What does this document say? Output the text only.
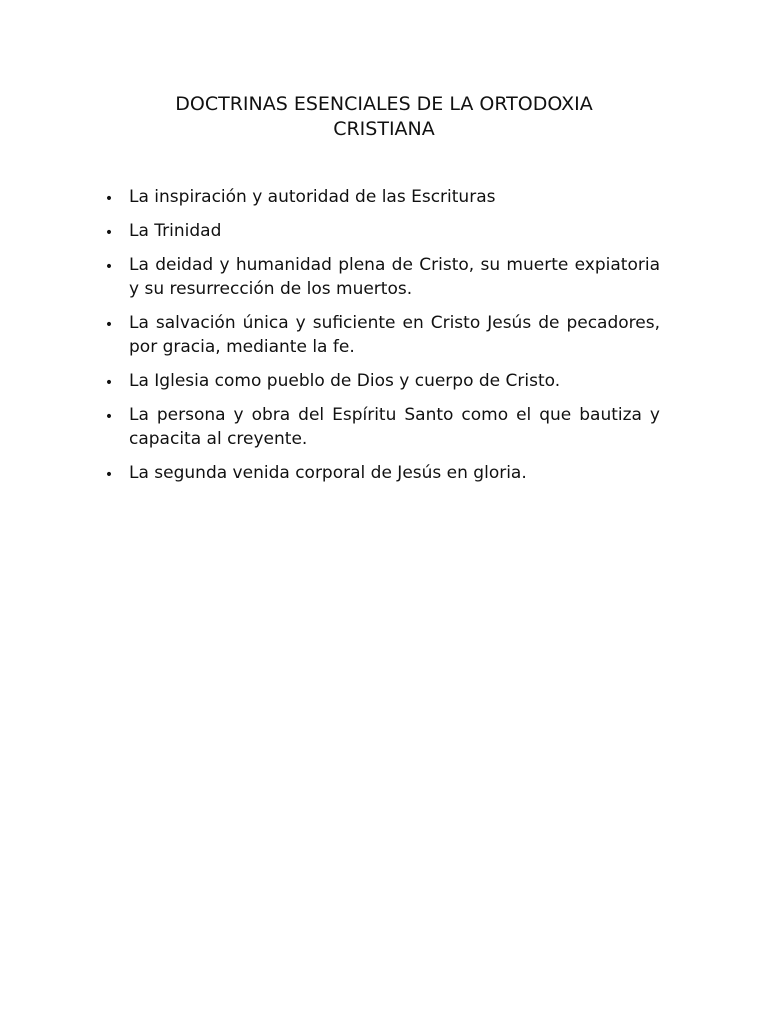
DOCTRINAS ESENCIALES DE LA ORTODOXIA
CRISTIANA
• La inspiración y autoridad de las Escrituras
• La Trinidad
• La deidad y humanidad plena de Cristo, su muerte expiatoria y su resurrección de los muertos.
• La salvación única y suficiente en Cristo Jesús de pecadores, por gracia, mediante la fe.
• La Iglesia como pueblo de Dios y cuerpo de Cristo.
• La persona y obra del Espíritu Santo como el que bautiza y capacita al creyente.
• La segunda venida corporal de Jesús en gloria.
